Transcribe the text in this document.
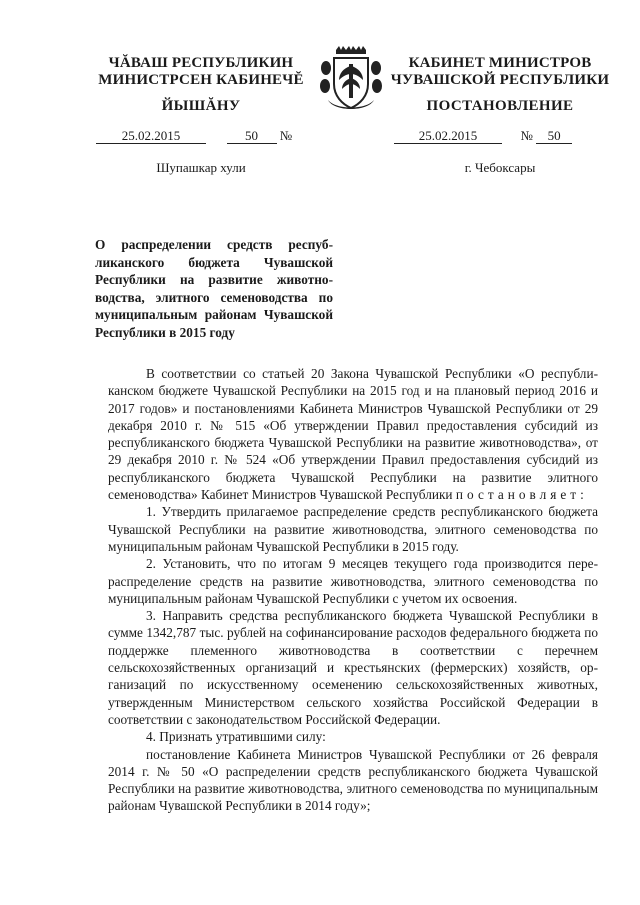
ЧĂВАШ РЕСПУБЛИКИН
МИНИСТРСЕН КАБИНЕЧĔ
КАБИНЕТ МИНИСТРОВ
ЧУВАШСКОЙ РЕСПУБЛИКИ
ЙЫШĂНУ	ПОСТАНОВЛЕНИЕ
25.02.2015	50 №	25.02.2015	№ 50
Шупашкар хули	г. Чебоксары
О распределении средств республиканского бюджета Чувашской Республики на развитие животноводства, элитного семеноводства по муниципальным районам Чувашской Республики в 2015 году

В соответствии со статьей 20 Закона Чувашской Республики «О республиканском бюджете Чувашской Республики на 2015 год и на плановый период 2016 и 2017 годов» и постановлениями Кабинета Министров Чувашской Республики от 29 декабря 2010 г. № 515 «Об утверждении Правил предоставления субсидий из республиканского бюджета Чувашской Республики на развитие животноводства», от 29 декабря 2010 г. № 524 «Об утверждении Правил предоставления субсидий из республиканского бюджета Чувашской Республики на развитие элитного семеноводства» Кабинет Министров Чувашской Республики постановляет:

1. Утвердить прилагаемое распределение средств республиканского бюджета Чувашской Республики на развитие животноводства, элитного семеноводства по муниципальным районам Чувашской Республики в 2015 году.

2. Установить, что по итогам 9 месяцев текущего года производится перераспределение средств на развитие животноводства, элитного семеноводства по муниципальным районам Чувашской Республики с учетом их освоения.

3. Направить средства республиканского бюджета Чувашской Республики в сумме 1342,787 тыс. рублей на софинансирование расходов федерального бюджета по поддержке племенного животноводства в соответствии с перечнем сельскохозяйственных организаций и крестьянских (фермерских) хозяйств, организаций по искусственному осеменению сельскохозяйственных животных, утвержденным Министерством сельского хозяйства Российской Федерации в соответствии с законодательством Российской Федерации.

4. Признать утратившими силу:

постановление Кабинета Министров Чувашской Республики от 26 февраля 2014 г. № 50 «О распределении средств республиканского бюджета Чувашской Республики на развитие животноводства, элитного семеноводства по муниципальным районам Чувашской Республики в 2014 году»;
